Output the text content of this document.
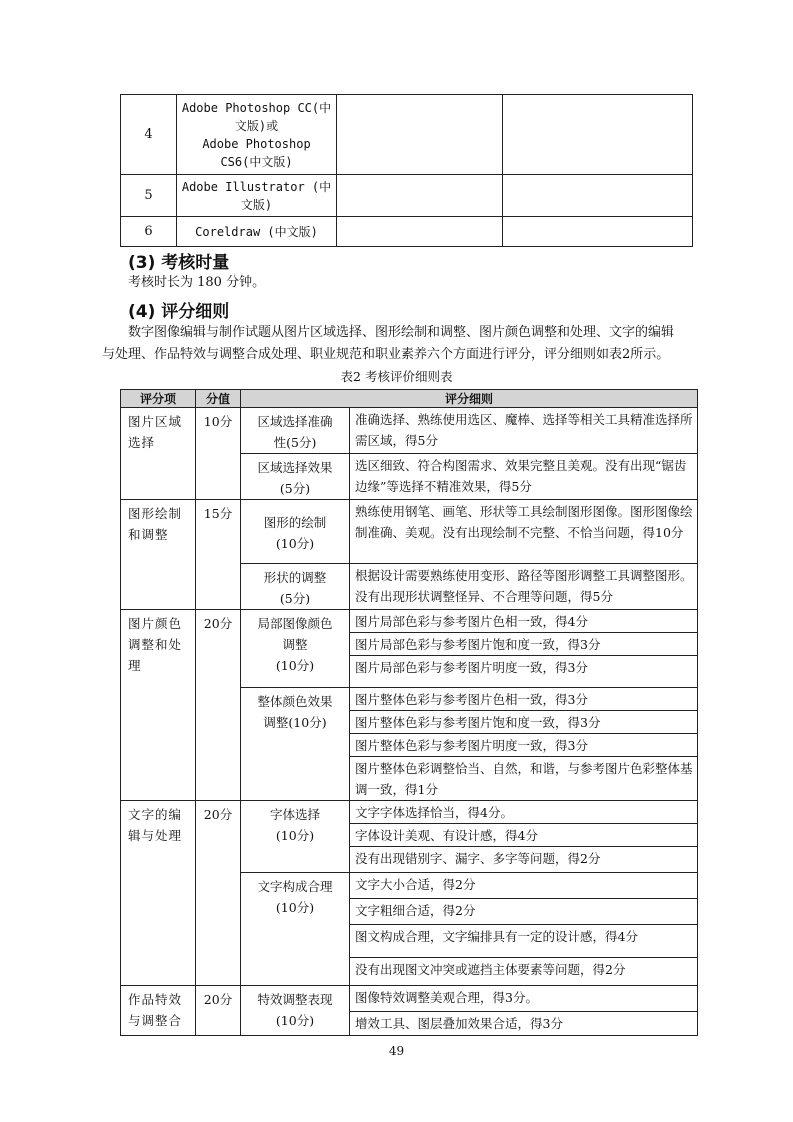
4	Adobe Photoshop CC(中
文版)或
Adobe Photoshop
CS6(中文版)		

5	Adobe Illustrator (中
文版)		

6	Coreldraw (中文版)		

(3) 考核时量
考核时长为 180 分钟。
(4) 评分细则
数字图像编辑与制作试题从图片区域选择、图形绘制和调整、图片颜色调整和处理、文字的编辑
与处理、作品特效与调整合成处理、职业规范和职业素养六个方面进行评分，评分细则如表2所示。
表2 考核评价细则表
评分项	分值	评分细则	
图片区域选择	10分	区域选择准确
性(5分)	准确选择、熟练使用选区、魔棒、选择等相关工具精准选择所需区域，得5分

		区域选择效果
(5分)	选区细致、符合构图需求、效果完整且美观。没有出现“锯齿边缘”等选择不精准效果，得5分
图形绘制和调整	15分	图形的绘制
(10分)	熟练使用钢笔、画笔、形状等工具绘制图形图像。图形图像绘制准确、美观。没有出现绘制不完整、不恰当问题，得10分

		形状的调整
(5分)	根据设计需要熟练使用变形、路径等图形调整工具调整图形。没有出现形状调整怪异、不合理等问题，得5分
图片颜色调整和处理	20分	局部图像颜色
调整
(10分)	图片局部色彩与参考图片色相一致，得4分
			图片局部色彩与参考图片饱和度一致，得3分
			图片局部色彩与参考图片明度一致，得3分

		整体颜色效果
调整(10分)	图片整体色彩与参考图片色相一致，得3分
			图片整体色彩与参考图片饱和度一致，得3分
			图片整体色彩与参考图片明度一致，得3分
			图片整体色彩调整恰当、自然，和谐，与参考图片色彩整体基调一致，得1分
文字的编辑与处理	20分	字体选择
(10分)	文字字体选择恰当，得4分。
			字体设计美观、有设计感，得4分
			没有出现错别字、漏字、多字等问题，得2分

		文字构成合理
(10分)	文字大小合适，得2分
			文字粗细合适，得2分
			图文构成合理，文字编排具有一定的设计感，得4分
			没有出现图文冲突或遮挡主体要素等问题，得2分
作品特效与调整合	20分	特效调整表现
(10分)	图像特效调整美观合理，得3分。
			增效工具、图层叠加效果合适，得3分
49
